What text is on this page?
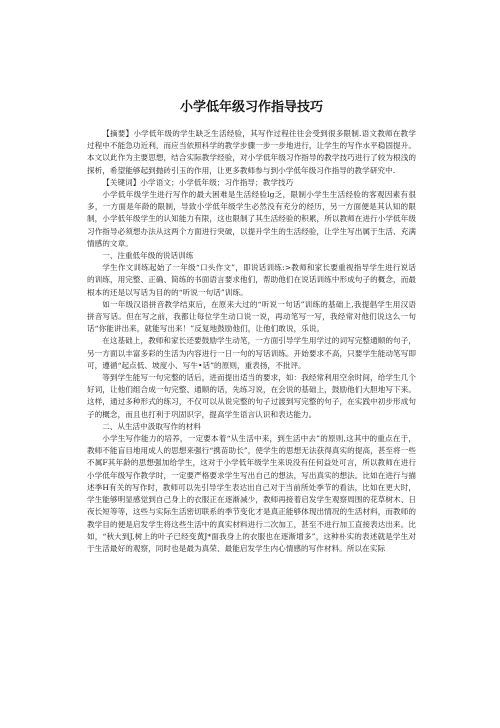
小学低年级习作指导技巧

【摘要】小学低年级的学生缺乏生活经验，其写作过程往往会受到很多限制.语文教师在教学过程中不能急功近利，而应当依照科学的教学步骤一步一步地进行，让学生的写作水平稳固提升。本文以此作为主要思想，结合实际教学经验，对小学低年级习作指导的教学技巧进行了较为根浅的探析，希望能够起到抛砖引玉的作用，让更多教师参与到小学低年级习作指导的教学研究中.

【关键词】小学语文；小学低年级；习作指导；教学技巧

小学低年级学生进行写作的最大困难是生活经验lg乏，限制小学生生活经验的客观因素有很多，一方面是年龄的限制，导致小学低年级学生必然没有充分的经历，另一方面便是其认知的限制，小学低年级学生的认知能力有限，这也限制了其生活经验的积累，所以教师在进行小学低年级习作指导必须想办法从这两个方面进行突破，以提升学生的生活经验，让学生写出属于生活、充满情感的文章。

一、注重低年级的说话训练

学生作文训练起始了一年级“口头作文”，即说话训练:>教师和家长要重视指导学生进行说话的训练，用完整、正确、简练的书面语言要求他们，帮助他们在说话训练中形成句子的概念，而最根本的还是以写话为目的的“听说一句话”训练。

如一年级汉语拼音教学结束后，在原来大过的“听说一句话”训练的基础上,我提倡学生用汉语拼音写话。但在写之前，我都让每位学生动口说一说，再动笔写一写，我经常对他们说这么一句话“你能讲出来，就能写出来！”反复地鼓励他们，让他们敢说，乐说。

在这基础上，教师和家长还要鼓励学生动笔，一方面引导学生用学过的词写完整通顺的句子，另一方面以丰富多彩的生活为内容进行一日一句的写话训练。开始要求不高，只要学生能动笔写即可，遵循“起点低、坡度小、写牛•话”的原则，重表扬，不批评。

等到学生能写一句完整的话后，进而提出适当的要求，如：我经常利用空余时间，给学生几个好词，让他们组合成一句完整、通顺的话，先练习说，在会说的基础上，鼓励他们大胆地写下来。这样，通过多种形式的练习，不仅可以从说完整的句子过渡到写完整的句子，在实践中初步形成句子的概念，而且也打利于巩固识字，提高学生语言认识和表达能力。

二、从生活中汲取写作的材料

小学生写作能力的培养，一定要本着“从生活中来，到生活中去”的原则,这其中的重点在于，教师不能盲目地用成人的思想来强行“携苗助长”，使学生的思想无法获得真实的提高，甚至将一些不属F其年龄的思想强加给学生，这对于小学低年级学生来说没有任何益处可言，所以教师在进行小学低年级写作教学时，一定要严格要求学生写出自己的想法，写出真实的想法。比如在进行与描述季H有关的写作时，教师可以先引导学生表达出自己对于当前所处季节的看法，比如在更大时，学生能够明显感觉到自己身上的衣服正在逐渐减少，教师再接着启发学生观察周围的花草树木、日夜长短等等，这些与实际生活密切联系的季节变化才是真正能够体现出情况的生活材料，而教师的教学目的便是启发学生将这些生活中的真实材料进行二次加工，甚至不进行加工直接表达出来。比如，“秋大到J,树上的叶子已经变黄J*面我身上的衣服也在逐渐增多”，这种朴实的表述就是学生对于生活最好的观察，同时也是最为真荣、最能启发学生内心情感的写作材料。所以在实际
